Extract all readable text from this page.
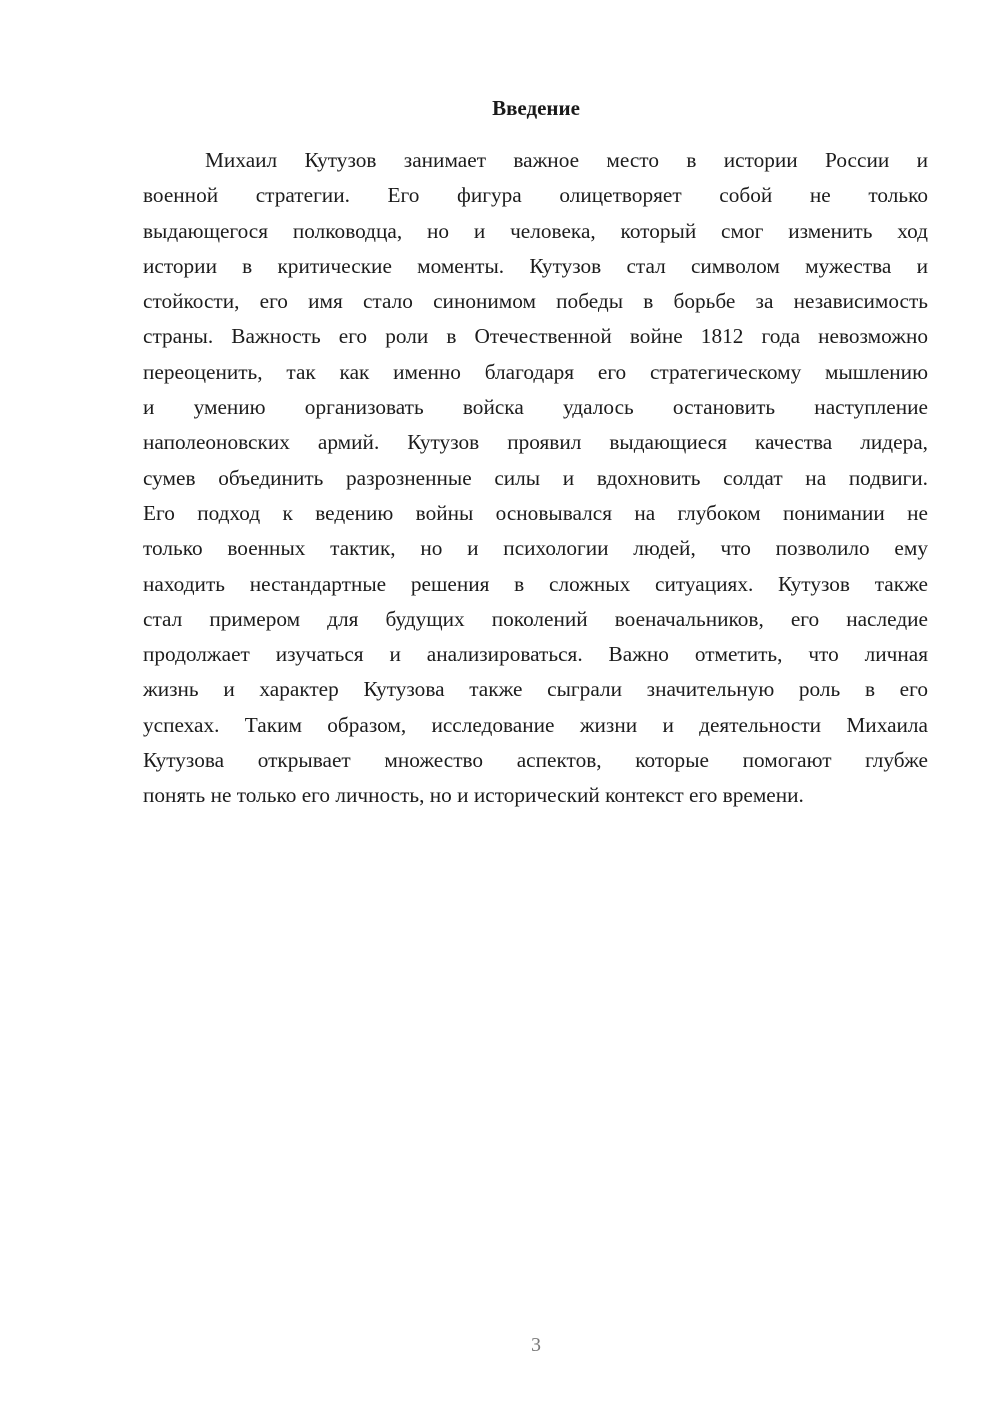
Введение
Михаил Кутузов занимает важное место в истории России и
военной стратегии. Его фигура олицетворяет собой не только
выдающегося полководца, но и человека, который смог изменить ход
истории в критические моменты. Кутузов стал символом мужества и
стойкости, его имя стало синонимом победы в борьбе за независимость
страны. Важность его роли в Отечественной войне 1812 года невозможно
переоценить, так как именно благодаря его стратегическому мышлению
и умению организовать войска удалось остановить наступление
наполеоновских армий. Кутузов проявил выдающиеся качества лидера,
сумев объединить разрозненные силы и вдохновить солдат на подвиги.
Его подход к ведению войны основывался на глубоком понимании не
только военных тактик, но и психологии людей, что позволило ему
находить нестандартные решения в сложных ситуациях. Кутузов также
стал примером для будущих поколений военачальников, его наследие
продолжает изучаться и анализироваться. Важно отметить, что личная
жизнь и характер Кутузова также сыграли значительную роль в его
успехах. Таким образом, исследование жизни и деятельности Михаила
Кутузова открывает множество аспектов, которые помогают глубже
понять не только его личность, но и исторический контекст его времени.
3
